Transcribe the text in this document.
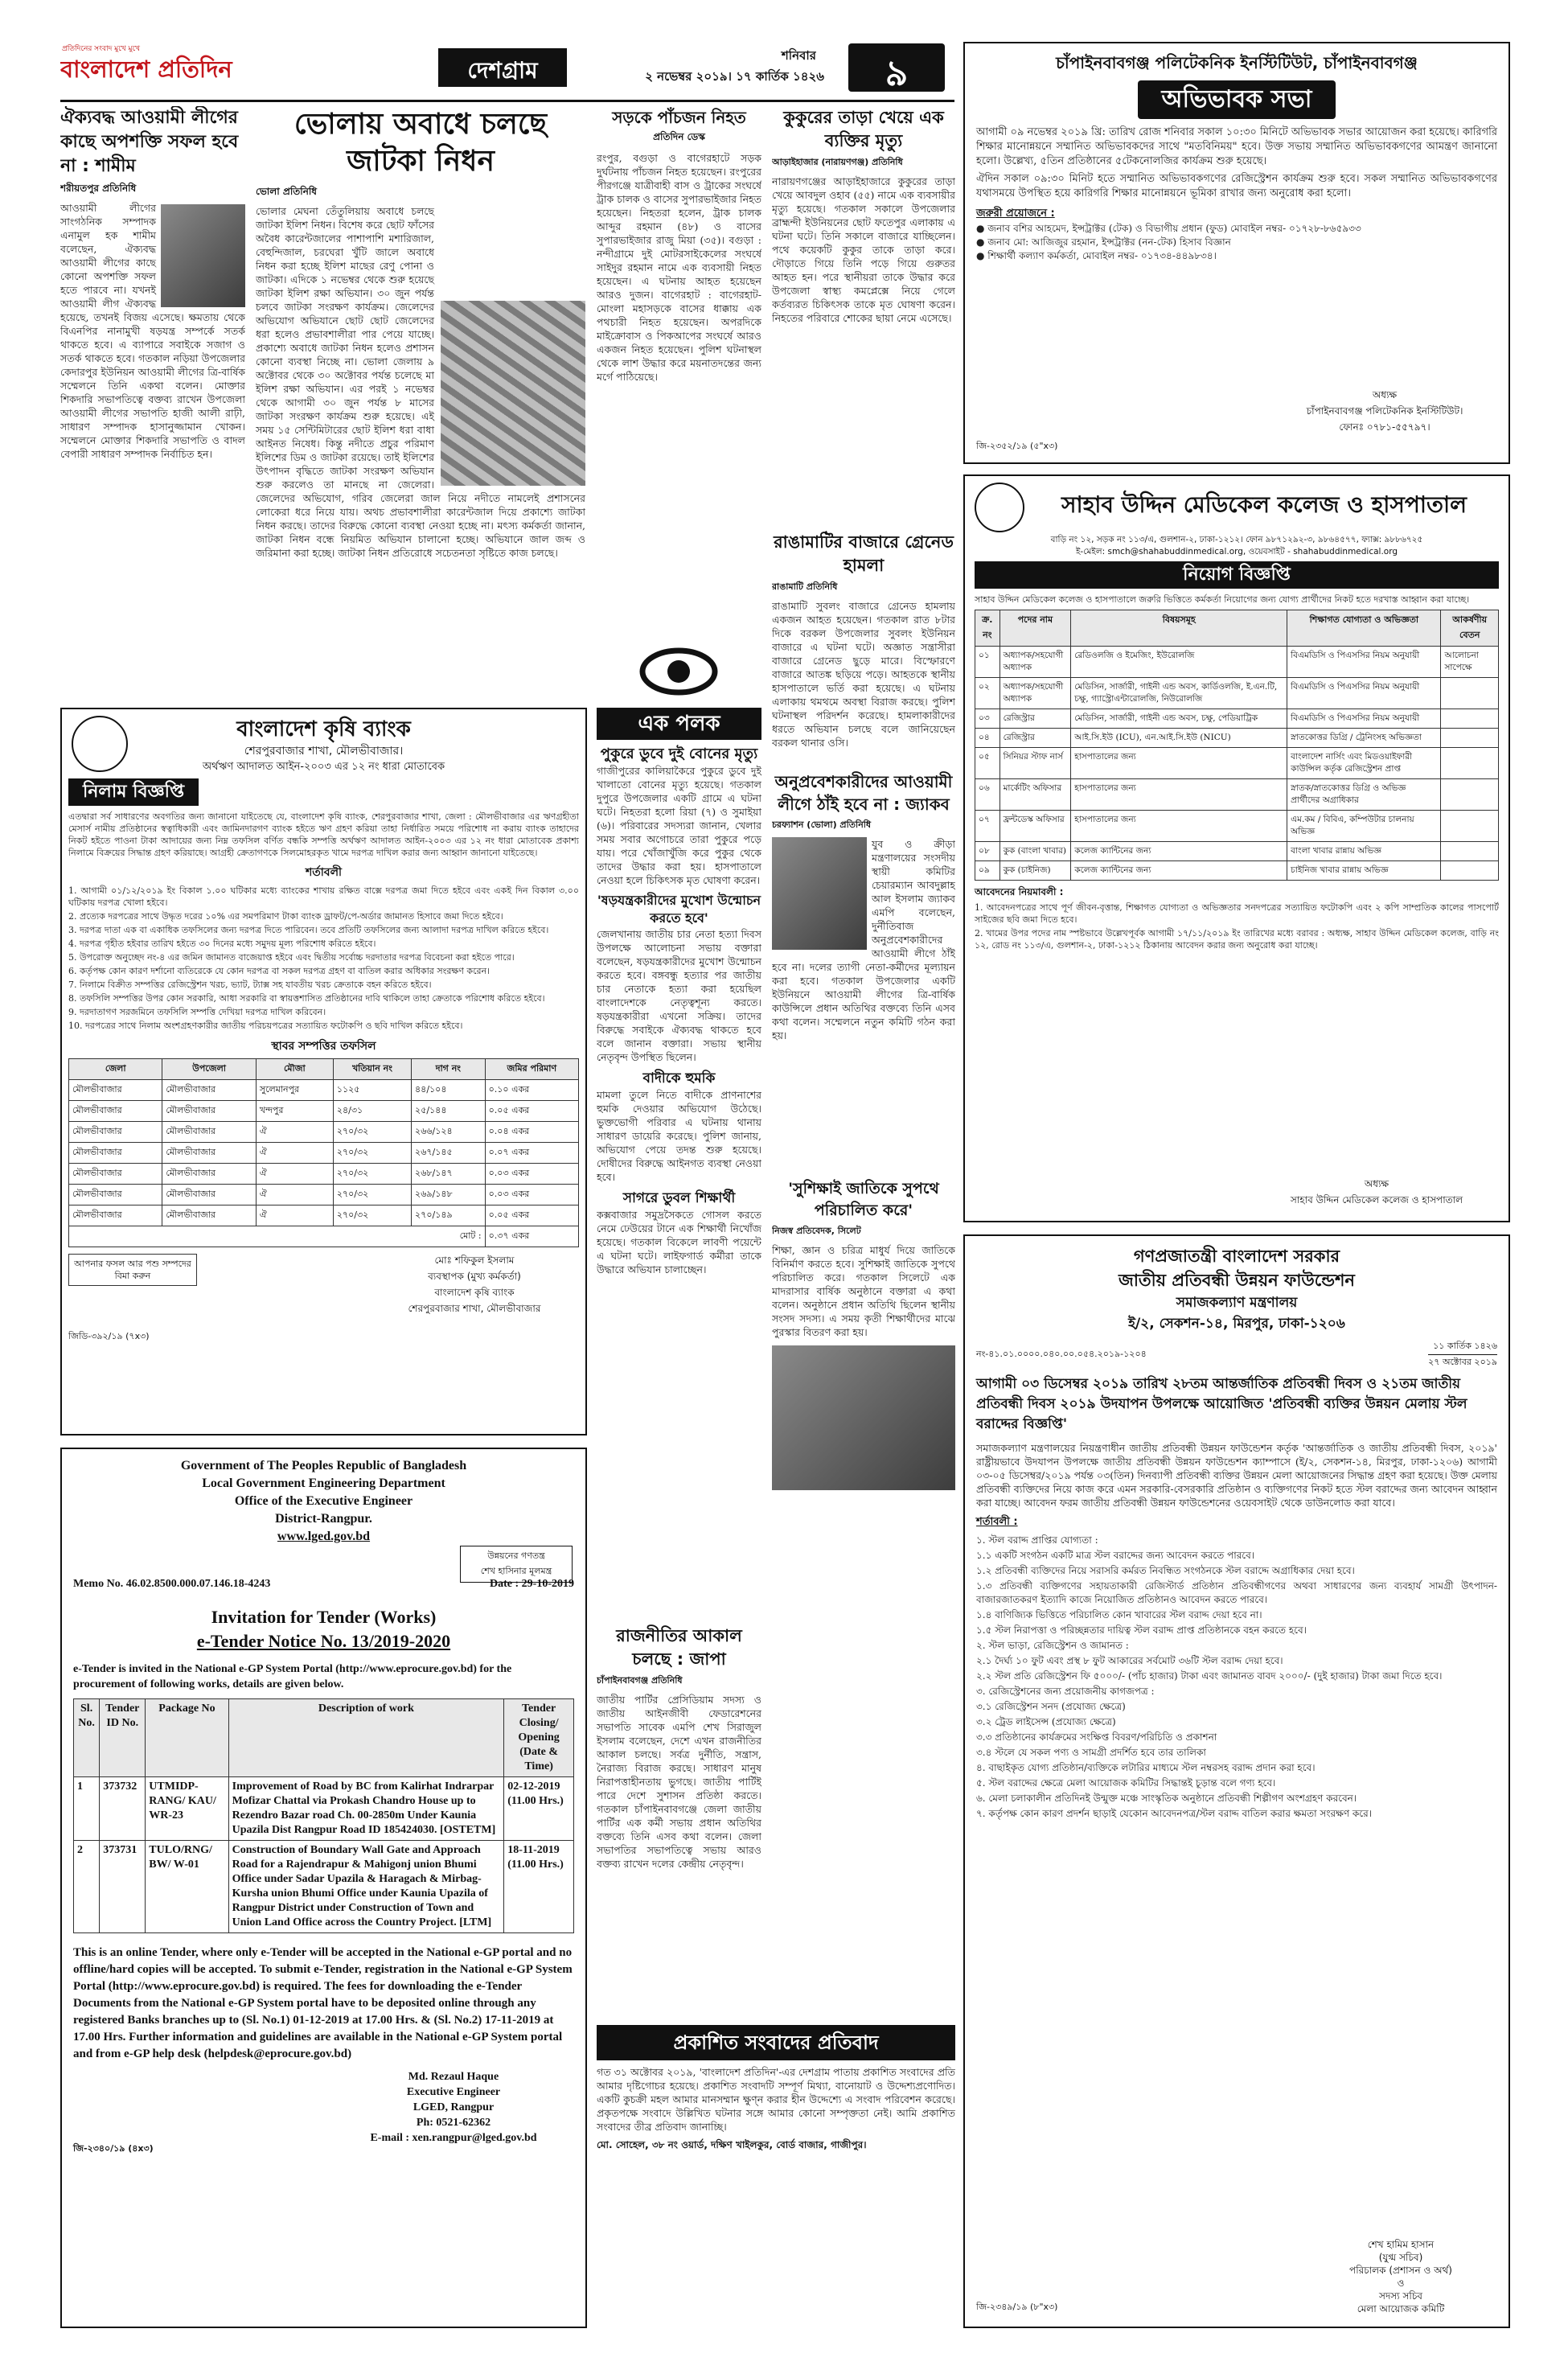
প্রতিদিনের সংবাদ মুখে মুখে
বাংলাদেশ প্রতিদিন	দেশগ্রাম
শনিবার
২ নভেম্বর ২০১৯। ১৭ কার্তিক ১৪২৬	৯
ঐক্যবদ্ধ আওয়ামী লীগের কাছে অপশক্তি সফল হবে না : শামীম
শরীয়তপুর প্রতিনিধি
আওয়ামী লীগের সাংগঠনিক সম্পাদক এনামুল হক শামীম বলেছেন, ঐক্যবদ্ধ আওয়ামী লীগের কাছে কোনো অপশক্তি সফল হতে পারবে না। যখনই আওয়ামী লীগ ঐক্যবদ্ধ হয়েছে, তখনই বিজয় এসেছে। ক্ষমতায় থেকে বিএনপির নানামুখী ষড়যন্ত্র সম্পর্কে সতর্ক থাকতে হবে। এ ব্যাপারে সবাইকে সজাগ ও সতর্ক থাকতে হবে। গতকাল নড়িয়া উপজেলার কেদারপুর ইউনিয়ন আওয়ামী লীগের ত্রি-বার্ষিক সম্মেলনে তিনি একথা বলেন। মোক্তার শিকদারি সভাপতিত্বে বক্তব্য রাখেন উপজেলা আওয়ামী লীগের সভাপতি হাজী আলী রাঢ়ী, সাধারণ সম্পাদক হাসানুজ্জামান খোকন। সম্মেলনে মোক্তার শিকদারি সভাপতি ও বাদল বেপারী সাধারণ সম্পাদক নির্বাচিত হন।
ভোলায় অবাধে চলছে
জাটকা নিধন
ভোলা প্রতিনিধি
ভোলার মেঘনা তেঁতুলিয়ায় অবাধে চলছে জাটকা ইলিশ নিধন। বিশেষ করে ছোট ফাঁসের অবৈধ কারেন্টজালের পাশাপাশি মশারিজাল, বেহুন্দিজাল, চরঘেরা খুঁটি জালে অবাধে নিধন করা হচ্ছে ইলিশ মাছের রেণু পোনা ও জাটকা। এদিকে ১ নভেম্বর থেকে শুরু হয়েছে জাটকা ইলিশ রক্ষা অভিযান। ৩০ জুন পর্যন্ত চলবে জাটকা সংরক্ষণ কার্যক্রম। জেলেদের অভিযোগ অভিযানে ছোট ছোট জেলেদের ধরা হলেও প্রভাবশালীরা পার পেয়ে যাচ্ছে। প্রকাশ্যে অবাধে জাটকা নিধন হলেও প্রশাসন কোনো ব্যবস্থা নিচ্ছে না। ভোলা জেলায় ৯ অক্টোবর থেকে ৩০ অক্টোবর পর্যন্ত চলেছে মা ইলিশ রক্ষা অভিযান। এর পরই ১ নভেম্বর থেকে আগামী ৩০ জুন পর্যন্ত ৮ মাসের জাটকা সংরক্ষণ কার্যক্রম শুরু হয়েছে। এই সময় ১৫ সেন্টিমিটারের ছোট ইলিশ ধরা বাধা আইনত নিষেধ। কিন্তু নদীতে প্রচুর পরিমাণ ইলিশের ডিম ও জাটকা রয়েছে। তাই ইলিশের উৎপাদন বৃদ্ধিতে জাটকা সংরক্ষণ অভিযান শুরু করলেও তা মানছে না জেলেরা। জেলেদের অভিযোগ, গরিব জেলেরা জাল নিয়ে নদীতে নামলেই প্রশাসনের লোকেরা ধরে নিয়ে যায়। অথচ প্রভাবশালীরা কারেন্টজাল দিয়ে প্রকাশ্যে জাটকা নিধন করছে। তাদের বিরুদ্ধে কোনো ব্যবস্থা নেওয়া হচ্ছে না। মৎস্য কর্মকর্তা জানান, জাটকা নিধন বন্ধে নিয়মিত অভিযান চালানো হচ্ছে। অভিযানে জাল জব্দ ও জরিমানা করা হচ্ছে। জাটকা নিধন প্রতিরোধে সচেতনতা সৃষ্টিতে কাজ চলছে।
সড়কে পাঁচজন নিহত
প্রতিদিন ডেস্ক
রংপুর, বগুড়া ও বাগেরহাটে সড়ক দুর্ঘটনায় পাঁচজন নিহত হয়েছেন। রংপুরের পীরগঞ্জে যাত্রীবাহী বাস ও ট্রাকের সংঘর্ষে ট্রাক চালক ও বাসের সুপারভাইজার নিহত হয়েছেন। নিহতরা হলেন, ট্রাক চালক আব্দুর রহমান (৪৮) ও বাসের সুপারভাইজার রাজু মিয়া (৩৫)। বগুড়া : নন্দীগ্রামে দুই মোটরসাইকেলের সংঘর্ষে সাইদুর রহমান নামে এক ব্যবসায়ী নিহত হয়েছেন। এ ঘটনায় আহত হয়েছেন আরও দুজন। বাগেরহাট : বাগেরহাট-মোংলা মহাসড়কে বাসের ধাক্কায় এক পথচারী নিহত হয়েছেন। অপরদিকে মাইক্রোবাস ও পিকআপের সংঘর্ষে আরও একজন নিহত হয়েছেন। পুলিশ ঘটনাস্থল থেকে লাশ উদ্ধার করে ময়নাতদন্তের জন্য মর্গে পাঠিয়েছে।
কুকুরের তাড়া খেয়ে এক ব্যক্তির মৃত্যু
আড়াইহাজার (নারায়ণগঞ্জ) প্রতিনিধি
নারায়ণগঞ্জের আড়াইহাজারে কুকুরের তাড়া খেয়ে আবদুল ওহাব (৫৫) নামে এক ব্যবসায়ীর মৃত্যু হয়েছে। গতকাল সকালে উপজেলার ব্রাহ্মন্দী ইউনিয়নের ছোট ফতেপুর এলাকায় এ ঘটনা ঘটে। তিনি সকালে বাজারে যাচ্ছিলেন। পথে কয়েকটি কুকুর তাকে তাড়া করে। দৌড়াতে গিয়ে তিনি পড়ে গিয়ে গুরুতর আহত হন। পরে স্থানীয়রা তাকে উদ্ধার করে উপজেলা স্বাস্থ্য কমপ্লেক্সে নিয়ে গেলে কর্তব্যরত চিকিৎসক তাকে মৃত ঘোষণা করেন। নিহতের পরিবারে শোকের ছায়া নেমে এসেছে।
রাঙামাটির বাজারে গ্রেনেড হামলা
রাঙামাটি প্রতিনিধি
রাঙামাটি সুবলং বাজারে গ্রেনেড হামলায় একজন আহত হয়েছেন। গতকাল রাত ৮টার দিকে বরকল উপজেলার সুবলং ইউনিয়ন বাজারে এ ঘটনা ঘটে। অজ্ঞাত সন্ত্রাসীরা বাজারে গ্রেনেড ছুড়ে মারে। বিস্ফোরণে বাজারে আতঙ্ক ছড়িয়ে পড়ে। আহতকে স্থানীয় হাসপাতালে ভর্তি করা হয়েছে। এ ঘটনায় এলাকায় থমথমে অবস্থা বিরাজ করছে। পুলিশ ঘটনাস্থল পরিদর্শন করেছে। হামলাকারীদের ধরতে অভিযান চলছে বলে জানিয়েছেন বরকল থানার ওসি।
এক পলক
পুকুরে ডুবে দুই বোনের মৃত্যু
গাজীপুরের কালিয়াকৈরে পুকুরে ডুবে দুই খালাতো বোনের মৃত্যু হয়েছে। গতকাল দুপুরে উপজেলার একটি গ্রামে এ ঘটনা ঘটে। নিহতরা হলো রিয়া (৭) ও সুমাইয়া (৬)। পরিবারের সদস্যরা জানান, খেলার সময় সবার অগোচরে তারা পুকুরে পড়ে যায়। পরে খোঁজাখুঁজি করে পুকুর থেকে তাদের উদ্ধার করা হয়। হাসপাতালে নেওয়া হলে চিকিৎসক মৃত ঘোষণা করেন।
'ষড়যন্ত্রকারীদের মুখোশ উন্মোচন করতে হবে'
জেলখানায় জাতীয় চার নেতা হত্যা দিবস উপলক্ষে আলোচনা সভায় বক্তারা বলেছেন, ষড়যন্ত্রকারীদের মুখোশ উন্মোচন করতে হবে। বঙ্গবন্ধু হত্যার পর জাতীয় চার নেতাকে হত্যা করা হয়েছিল বাংলাদেশকে নেতৃত্বশূন্য করতে। ষড়যন্ত্রকারীরা এখনো সক্রিয়। তাদের বিরুদ্ধে সবাইকে ঐক্যবদ্ধ থাকতে হবে বলে জানান বক্তারা। সভায় স্থানীয় নেতৃবৃন্দ উপস্থিত ছিলেন।
বাদীকে হুমকি
মামলা তুলে নিতে বাদীকে প্রাণনাশের হুমকি দেওয়ার অভিযোগ উঠেছে। ভুক্তভোগী পরিবার এ ঘটনায় থানায় সাধারণ ডায়েরি করেছে। পুলিশ জানায়, অভিযোগ পেয়ে তদন্ত শুরু হয়েছে। দোষীদের বিরুদ্ধে আইনগত ব্যবস্থা নেওয়া হবে।
সাগরে ডুবল শিক্ষার্থী
কক্সবাজার সমুদ্রসৈকতে গোসল করতে নেমে ঢেউয়ের টানে এক শিক্ষার্থী নিখোঁজ হয়েছে। গতকাল বিকেলে লাবণী পয়েন্টে এ ঘটনা ঘটে। লাইফগার্ড কর্মীরা তাকে উদ্ধারে অভিযান চালাচ্ছেন।
অনুপ্রবেশকারীদের আওয়ামী লীগে ঠাঁই হবে না : জ্যাকব
চরফ্যাশন (ভোলা) প্রতিনিধি
যুব ও ক্রীড়া মন্ত্রণালয়ের সংসদীয় স্থায়ী কমিটির চেয়ারম্যান আবদুল্লাহ আল ইসলাম জ্যাকব এমপি বলেছেন, দুর্নীতিবাজ অনুপ্রবেশকারীদের আওয়ামী লীগে ঠাঁই হবে না। দলের ত্যাগী নেতা-কর্মীদের মূল্যায়ন করা হবে। গতকাল উপজেলার একটি ইউনিয়নে আওয়ামী লীগের ত্রি-বার্ষিক কাউন্সিলে প্রধান অতিথির বক্তব্যে তিনি এসব কথা বলেন। সম্মেলনে নতুন কমিটি গঠন করা হয়।
'সুশিক্ষাই জাতিকে সুপথে পরিচালিত করে'
নিজস্ব প্রতিবেদক, সিলেট
শিক্ষা, জ্ঞান ও চরিত্র মাধুর্য দিয়ে জাতিকে বিনির্মাণ করতে হবে। সুশিক্ষাই জাতিকে সুপথে পরিচালিত করে। গতকাল সিলেটে এক মাদরাসার বার্ষিক অনুষ্ঠানে বক্তারা এ কথা বলেন। অনুষ্ঠানে প্রধান অতিথি ছিলেন স্থানীয় সংসদ সদস্য। এ সময় কৃতী শিক্ষার্থীদের মাঝে পুরস্কার বিতরণ করা হয়।
রাজনীতির আকাল চলছে : জাপা
চাঁপাইনবাবগঞ্জ প্রতিনিধি
জাতীয় পার্টির প্রেসিডিয়াম সদস্য ও জাতীয় আইনজীবী ফেডারেশনের সভাপতি সাবেক এমপি শেখ সিরাজুল ইসলাম বলেছেন, দেশে এখন রাজনীতির আকাল চলছে। সর্বত্র দুর্নীতি, সন্ত্রাস, নৈরাজ্য বিরাজ করছে। সাধারণ মানুষ নিরাপত্তাহীনতায় ভুগছে। জাতীয় পার্টিই পারে দেশে সুশাসন প্রতিষ্ঠা করতে। গতকাল চাঁপাইনবাবগঞ্জে জেলা জাতীয় পার্টির এক কর্মী সভায় প্রধান অতিথির বক্তব্যে তিনি এসব কথা বলেন। জেলা সভাপতির সভাপতিত্বে সভায় আরও বক্তব্য রাখেন দলের কেন্দ্রীয় নেতৃবৃন্দ।
প্রকাশিত সংবাদের প্রতিবাদ
গত ৩১ অক্টোবর ২০১৯, 'বাংলাদেশ প্রতিদিন'-এর দেশগ্রাম পাতায় প্রকাশিত সংবাদের প্রতি আমার দৃষ্টিগোচর হয়েছে। প্রকাশিত সংবাদটি সম্পূর্ণ মিথ্যা, বানোয়াট ও উদ্দেশ্যপ্রণোদিত। একটি কুচক্রী মহল আমার মানসম্মান ক্ষুণ্ন করার হীন উদ্দেশ্যে এ সংবাদ পরিবেশন করেছে। প্রকৃতপক্ষে সংবাদে উল্লিখিত ঘটনার সঙ্গে আমার কোনো সম্পৃক্ততা নেই। আমি প্রকাশিত সংবাদের তীব্র প্রতিবাদ জানাচ্ছি।
মো. সোহেল, ৩৮ নং ওয়ার্ড, দক্ষিণ খাইলকুর, বোর্ড বাজার, গাজীপুর।
বাংলাদেশ কৃষি ব্যাংক
শেরপুরবাজার শাখা, মৌলভীবাজার।
অর্থঋণ আদালত আইন-২০০৩ এর ১২ নং ধারা মোতাবেক
নিলাম বিজ্ঞপ্তি
এতদ্বারা সর্ব সাধারণের অবগতির জন্য জানানো যাইতেছে যে, বাংলাদেশ কৃষি ব্যাংক, শেরপুরবাজার শাখা, জেলা : মৌলভীবাজার এর ঋণগ্রহীতা মেসার্স নামীয় প্রতিষ্ঠানের স্বত্বাধিকারী এবং জামিনদারগণ ব্যাংক হইতে ঋণ গ্রহণ করিয়া তাহা নির্ধারিত সময়ে পরিশোধ না করায় ব্যাংক তাহাদের নিকট হইতে পাওনা টাকা আদায়ের জন্য নিম্ন তফসিল বর্ণিত বন্ধকি সম্পত্তি অর্থঋণ আদালত আইন-২০০৩ এর ১২ নং ধারা মোতাবেক প্রকাশ্য নিলামে বিক্রয়ের সিদ্ধান্ত গ্রহণ করিয়াছে। আগ্রহী ক্রেতাগণকে সিলমোহরকৃত খামে দরপত্র দাখিল করার জন্য আহ্বান জানানো যাইতেছে।
শর্তাবলী
1. আগামী ০১/১২/২০১৯ ইং বিকাল ১.০০ ঘটিকার মধ্যে ব্যাংকের শাখায় রক্ষিত বাক্সে দরপত্র জমা দিতে হইবে এবং একই দিন বিকাল ৩.০০ ঘটিকায় দরপত্র খোলা হইবে।
2. প্রত্যেক দরপত্রের সাথে উদ্ধৃত দরের ১০% এর সমপরিমাণ টাকা ব্যাংক ড্রাফট/পে-অর্ডার জামানত হিসাবে জমা দিতে হইবে।
3. দরপত্র দাতা এক বা একাধিক তফসিলের জন্য দরপত্র দিতে পারিবেন। তবে প্রতিটি তফসিলের জন্য আলাদা দরপত্র দাখিল করিতে হইবে।
4. দরপত্র গৃহীত হইবার তারিখ হইতে ৩০ দিনের মধ্যে সমুদয় মূল্য পরিশোধ করিতে হইবে।
5. উপরোক্ত অনুচ্ছেদ নং-৪ এর জমিন জামানত বাজেয়াপ্ত হইবে এবং দ্বিতীয় সর্বোচ্চ দরদাতার দরপত্র বিবেচনা করা হইতে পারে।
6. কর্তৃপক্ষ কোন কারণ দর্শানো ব্যতিরেকে যে কোন দরপত্র বা সকল দরপত্র গ্রহণ বা বাতিল করার অধিকার সংরক্ষণ করেন।
7. নিলামে বিক্রীত সম্পত্তির রেজিস্ট্রেশন খরচ, ভ্যাট, ট্যাক্স সহ যাবতীয় খরচ ক্রেতাকে বহন করিতে হইবে।
8. তফসিলি সম্পত্তির উপর কোন সরকারি, আধা সরকারি বা স্বায়ত্তশাসিত প্রতিষ্ঠানের দাবি থাকিলে তাহা ক্রেতাকে পরিশোধ করিতে হইবে।
9. দরদাতাগণ সরজমিনে তফসিলি সম্পত্তি দেখিয়া দরপত্র দাখিল করিবেন।
10. দরপত্রের সাথে নিলাম অংশগ্রহণকারীর জাতীয় পরিচয়পত্রের সত্যায়িত ফটোকপি ও ছবি দাখিল করিতে হইবে।
স্থাবর সম্পত্তির তফসিল
জেলা	উপজেলা	মৌজা	খতিয়ান নং	দাগ নং	জমির পরিমাণ
মৌলভীবাজার	মৌলভীবাজার	সুলেমানপুর	১১২৫	৪৪/১০৪	০.১০ একর
মৌলভীবাজার	মৌলভীবাজার	খন্দপুর	২৪/৩১	২৫/১৪৪	০.০৫ একর
মৌলভীবাজার	মৌলভীবাজার	ঐ	২৭০/৩২	২৬৬/১২৪	০.০৪ একর
মৌলভীবাজার	মৌলভীবাজার	ঐ	২৭০/৩২	২৬৭/১৪৫	০.০৭ একর
মৌলভীবাজার	মৌলভীবাজার	ঐ	২৭০/৩২	২৬৮/১৪৭	০.০৩ একর
মৌলভীবাজার	মৌলভীবাজার	ঐ	২৭০/৩২	২৬৯/১৪৮	০.০৩ একর
মৌলভীবাজার	মৌলভীবাজার	ঐ	২৭০/৩২	২৭০/১৪৯	০.০৫ একর
মোট :					০.৩৭ একর
আপনার ফসল আর পশু সম্পদের বিমা করুন
মোঃ শফিকুল ইসলাম
ব্যবস্থাপক (মুখ্য কর্মকর্তা)
বাংলাদেশ কৃষি ব্যাংক
শেরপুরবাজার শাখা, মৌলভীবাজার
জিডি-৩৯২/১৯ (৭x৩)
Government of The Peoples Republic of Bangladesh
Local Government Engineering Department
Office of the Executive Engineer
District-Rangpur.
www.lged.gov.bd
উন্নয়নের গণতন্ত্র
শেখ হাসিনার মূলমন্ত্র
Memo No. 46.02.8500.000.07.146.18-4243	Date : 29-10-2019
Invitation for Tender (Works)
e-Tender Notice No. 13/2019-2020
e-Tender is invited in the National e-GP System Portal (http://www.eprocure.gov.bd) for the procurement of following works, details are given below.
Sl. No.	Tender ID No.	Package No	Description of work	Tender Closing/ Opening (Date & Time)
1	373732	UTMIDP-RANG/ KAU/ WR-23	Improvement of Road by BC from Kalirhat Indrarpar Mofizar Chattal via Prokash Chandro House up to Rezendro Bazar road Ch. 00-2850m Under Kaunia Upazila Dist Rangpur Road ID 185424030. [OSTETM]	02-12-2019 (11.00 Hrs.)
2	373731	TULO/RNG/ BW/ W-01	Construction of Boundary Wall Gate and Approach Road for a Rajendrapur & Mahigonj union Bhumi Office under Sadar Upazila & Haragach & Mirbag-Kursha union Bhumi Office under Kaunia Upazila of Rangpur District under Construction of Town and Union Land Office across the Country Project. [LTM]	18-11-2019 (11.00 Hrs.)
This is an online Tender, where only e-Tender will be accepted in the National e-GP portal and no offline/hard copies will be accepted. To submit e-Tender, registration in the National e-GP System Portal (http://www.eprocure.gov.bd) is required. The fees for downloading the e-Tender Documents from the National e-GP System portal have to be deposited online through any registered Banks branches up to (Sl. No.1) 01-12-2019 at 17.00 Hrs. & (Sl. No.2) 17-11-2019 at 17.00 Hrs. Further information and guidelines are available in the National e-GP System portal and from e-GP help desk (helpdesk@eprocure.gov.bd)
Md. Rezaul Haque
Executive Engineer
LGED, Rangpur
Ph: 0521-62362
E-mail : xen.rangpur@lged.gov.bd
জি-২৩৪০/১৯ (৪x৩)
চাঁপাইনবাবগঞ্জ পলিটেকনিক ইনস্টিটিউট, চাঁপাইনবাবগঞ্জ
অভিভাবক সভা
আগামী ০৯ নভেম্বর ২০১৯ খ্রি: তারিখ রোজ শনিবার সকাল ১০:৩০ মিনিটে অভিভাবক সভার আয়োজন করা হয়েছে। কারিগরি শিক্ষার মানোন্নয়নে সম্মানিত অভিভাবকদের সাথে "মতবিনিময়" হবে। উক্ত সভায় সম্মানিত অভিভাবকগণের আমন্ত্রণ জানানো হলো। উল্লেখ্য, ৫তিন প্রতিষ্ঠানের ৫টেকনোলজির কার্যক্রম শুরু হয়েছে।
ঐদিন সকাল ০৯:৩০ মিনিট হতে সম্মানিত অভিভাবকগণের রেজিস্ট্রেশন কার্যক্রম শুরু হবে। সকল সম্মানিত অভিভাবকগণের যথাসময়ে উপস্থিত হয়ে কারিগরি শিক্ষার মানোন্নয়নে ভূমিকা রাখার জন্য অনুরোধ করা হলো।
জরুরী প্রয়োজনে :
● জনাব বশির আহমেদ, ইন্সট্রাক্টর (টেক) ও বিভাগীয় প্রধান (ফুড) মোবাইল নম্বর- ০১৭২৮-৮৬৫৯৩৩
● জনাব মো: আজিজুর রহমান, ইন্সট্রাক্টর (নন-টেক) হিসাব বিজ্ঞান
● শিক্ষার্থী কল্যাণ কর্মকর্তা, মোবাইল নম্বর- ০১৭৩৪-৪৪৯৮৩৪।
অধ্যক্ষ
চাঁপাইনবাবগঞ্জ পলিটেকনিক ইনস্টিটিউট।
ফোনঃ ০৭৮১-৫৫৭৯৭।
জি-২৩৫২/১৯ (৫"x৩)
সাহাব উদ্দিন মেডিকেল কলেজ ও হাসপাতাল
বাড়ি নং ১২, সড়ক নং ১১৩/এ, গুলশান-২, ঢাকা-১২১২। ফোন ৯৮৭১২৯২-৩, ৯৮৬৪৫৭৭, ফ্যাক্স: ৯৮৮৬৭২৫
ই-মেইল: smch@shahabuddinmedical.org, ওয়েবসাইট - shahabuddinmedical.org
নিয়োগ বিজ্ঞপ্তি
সাহাব উদ্দিন মেডিকেল কলেজ ও হাসপাতালে জরুরি ভিত্তিতে কর্মকর্তা নিয়োগের জন্য যোগ্য প্রার্থীদের নিকট হতে দরখাস্ত আহ্বান করা যাচ্ছে।
ক্র. নং	পদের নাম	বিষয়সমূহ	শিক্ষাগত যোগ্যতা ও অভিজ্ঞতা	আকর্ষণীয় বেতন
০১	অধ্যাপক/সহযোগী অধ্যাপক	রেডিওলজি ও ইমেজিং, ইউরোলজি	বিএমডিসি ও পিএসসির নিয়ম অনুযায়ী	আলোচনা সাপেক্ষে
০২	অধ্যাপক/সহযোগী অধ্যাপক	মেডিসিন, সার্জারী, গাইনী এন্ড অবস, কার্ডিওলজি, ই.এন.টি, চক্ষু, গ্যাস্ট্রোএন্টারোলজি, নিউরোলজি	বিএমডিসি ও পিএসসির নিয়ম অনুযায়ী	
০৩	রেজিস্ট্রার	মেডিসিন, সার্জারী, গাইনী এন্ড অবস, চক্ষু, পেডিয়াট্রিক	বিএমডিসি ও পিএসসির নিয়ম অনুযায়ী	
০৪	রেজিস্ট্রার	আই.সি.ইউ (ICU), এন.আই.সি.ইউ (NICU)	স্নাতকোত্তর ডিগ্রি / ট্রেনিংসহ অভিজ্ঞতা	
০৫	সিনিয়র স্টাফ নার্স	হাসপাতালের জন্য	বাংলাদেশ নার্সিং এবং মিডওয়াইফারী কাউন্সিল কর্তৃক রেজিস্ট্রেশন প্রাপ্ত	
০৬	মার্কেটিং অফিসার	হাসপাতালের জন্য	স্নাতক/স্নাতকোত্তর ডিগ্রি ও অভিজ্ঞ প্রার্থীদের অগ্রাধিকার	
০৭	ফ্রন্টডেস্ক অফিসার	হাসপাতালের জন্য	এম.কম / বিবিএ, কম্পিউটার চালনায় অভিজ্ঞ	
০৮	কুক (বাংলা খাবার)	কলেজ ক্যান্টিনের জন্য	বাংলা খাবার রান্নায় অভিজ্ঞ	
০৯	কুক (চাইনিজ)	কলেজ ক্যান্টিনের জন্য	চাইনিজ খাবার রান্নায় অভিজ্ঞ	
আবেদনের নিয়মাবলী :
1. আবেদনপত্রের সাথে পূর্ণ জীবন-বৃত্তান্ত, শিক্ষাগত যোগ্যতা ও অভিজ্ঞতার সনদপত্রের সত্যায়িত ফটোকপি এবং ২ কপি সাম্প্রতিক কালের পাসপোর্ট সাইজের ছবি জমা দিতে হবে।
2. খামের উপর পদের নাম স্পষ্টভাবে উল্লেখপূর্বক আগামী ১৭/১১/২০১৯ ইং তারিখের মধ্যে বরাবর : অধ্যক্ষ, সাহাব উদ্দিন মেডিকেল কলেজ, বাড়ি নং ১২, রোড নং ১১৩/এ, গুলশান-২, ঢাকা-১২১২ ঠিকানায় আবেদন করার জন্য অনুরোধ করা যাচ্ছে।
অধ্যক্ষ
সাহাব উদ্দিন মেডিকেল কলেজ ও হাসপাতাল
গণপ্রজাতন্ত্রী বাংলাদেশ সরকার
জাতীয় প্রতিবন্ধী উন্নয়ন ফাউন্ডেশন
সমাজকল্যাণ মন্ত্রণালয়
ই/২, সেকশন-১৪, মিরপুর, ঢাকা-১২০৬
নং-৪১.০১.০০০০.০৪০.০০.০৫৪.২০১৯-১২০৪
১১ কার্তিক ১৪২৬
২৭ অক্টোবর ২০১৯
আগামী ০৩ ডিসেম্বর ২০১৯ তারিখ ২৮তম আন্তর্জাতিক প্রতিবন্ধী দিবস ও ২১তম জাতীয় প্রতিবন্ধী দিবস ২০১৯ উদযাপন উপলক্ষে আয়োজিত 'প্রতিবন্ধী ব্যক্তির উন্নয়ন মেলায় স্টল বরাদ্দের বিজ্ঞপ্তি'
সমাজকল্যাণ মন্ত্রণালয়ের নিয়ন্ত্রণাধীন জাতীয় প্রতিবন্ধী উন্নয়ন ফাউন্ডেশন কর্তৃক 'আন্তর্জাতিক ও জাতীয় প্রতিবন্ধী দিবস, ২০১৯' রাষ্ট্রীয়ভাবে উদযাপন উপলক্ষে জাতীয় প্রতিবন্ধী উন্নয়ন ফাউন্ডেশন ক্যাম্পাসে (ই/২, সেকশন-১৪, মিরপুর, ঢাকা-১২০৬) আগামী ০৩-০৫ ডিসেম্বর/২০১৯ পর্যন্ত ০৩(তিন) দিনব্যাপী প্রতিবন্ধী ব্যক্তির উন্নয়ন মেলা আয়োজনের সিদ্ধান্ত গ্রহণ করা হয়েছে। উক্ত মেলায় প্রতিবন্ধী ব্যক্তিদের নিয়ে কাজ করে এমন সরকারি-বেসরকারি প্রতিষ্ঠান ও ব্যক্তিগণের নিকট হতে স্টল বরাদ্দের জন্য আবেদন আহ্বান করা যাচ্ছে। আবেদন ফরম জাতীয় প্রতিবন্ধী উন্নয়ন ফাউন্ডেশনের ওয়েবসাইট থেকে ডাউনলোড করা যাবে।
শর্তাবলী :
১. স্টল বরাদ্দ প্রাপ্তির যোগ্যতা :
১.১ একটি সংগঠন একটি মাত্র স্টল বরাদ্দের জন্য আবেদন করতে পারবে।
১.২ প্রতিবন্ধী ব্যক্তিদের নিয়ে সরাসরি কর্মরত নিবন্ধিত সংগঠনকে স্টল বরাদ্দে অগ্রাধিকার দেয়া হবে।
১.৩ প্রতিবন্ধী ব্যক্তিগণের সহায়তাকারী রেজিস্টার্ড প্রতিষ্ঠান প্রতিবন্ধীগণের অথবা সাধারণের জন্য ব্যবহার্য সামগ্রী উৎপাদন-বাজারজাতকরণ ইত্যাদি কাজে নিয়োজিত প্রতিষ্ঠানও আবেদন করতে পারবে।
১.৪ বাণিজ্যিক ভিত্তিতে পরিচালিত কোন খাবারের স্টল বরাদ্দ দেয়া হবে না।
১.৫ স্টল নিরাপত্তা ও পরিচ্ছন্নতার দায়িত্ব স্টল বরাদ্দ প্রাপ্ত প্রতিষ্ঠানকে বহন করতে হবে।
২. স্টল ভাড়া, রেজিস্ট্রেশন ও জামানত :
২.১ দৈর্ঘ্য ১০ ফুট এবং প্রস্থ ৮ ফুট আকারের সর্বমোট ৩৬টি স্টল বরাদ্দ দেয়া হবে।
২.২ স্টল প্রতি রেজিস্ট্রেশন ফি ৫০০০/- (পাঁচ হাজার) টাকা এবং জামানত বাবদ ২০০০/- (দুই হাজার) টাকা জমা দিতে হবে।
৩. রেজিস্ট্রেশনের জন্য প্রয়োজনীয় কাগজপত্র :
৩.১ রেজিস্ট্রেশন সনদ (প্রযোজ্য ক্ষেত্রে)
৩.২ ট্রেড লাইসেন্স (প্রযোজ্য ক্ষেত্রে)
৩.৩ প্রতিষ্ঠানের কার্যক্রমের সংক্ষিপ্ত বিবরণ/পরিচিতি ও প্রকাশনা
৩.৪ স্টলে যে সকল পণ্য ও সামগ্রী প্রদর্শিত হবে তার তালিকা
৪. বাছাইকৃত যোগ্য প্রতিষ্ঠান/ব্যক্তিকে লটারির মাধ্যমে স্টল নম্বরসহ বরাদ্দ প্রদান করা হবে।
৫. স্টল বরাদ্দের ক্ষেত্রে মেলা আয়োজক কমিটির সিদ্ধান্তই চূড়ান্ত বলে গণ্য হবে।
৬. মেলা চলাকালীন প্রতিদিনই উন্মুক্ত মঞ্চে সাংস্কৃতিক অনুষ্ঠানে প্রতিবন্ধী শিল্পীগণ অংশগ্রহণ করবেন।
৭. কর্তৃপক্ষ কোন কারণ প্রদর্শন ছাড়াই যেকোন আবেদনপত্র/স্টল বরাদ্দ বাতিল করার ক্ষমতা সংরক্ষণ করে।
শেখ হামিম হাসান
(যুগ্ম সচিব)
পরিচালক (প্রশাসন ও অর্থ)
ও
সদস্য সচিব
মেলা আয়োজক কমিটি
জি-২৩৪৯/১৯ (৮"x৩)
